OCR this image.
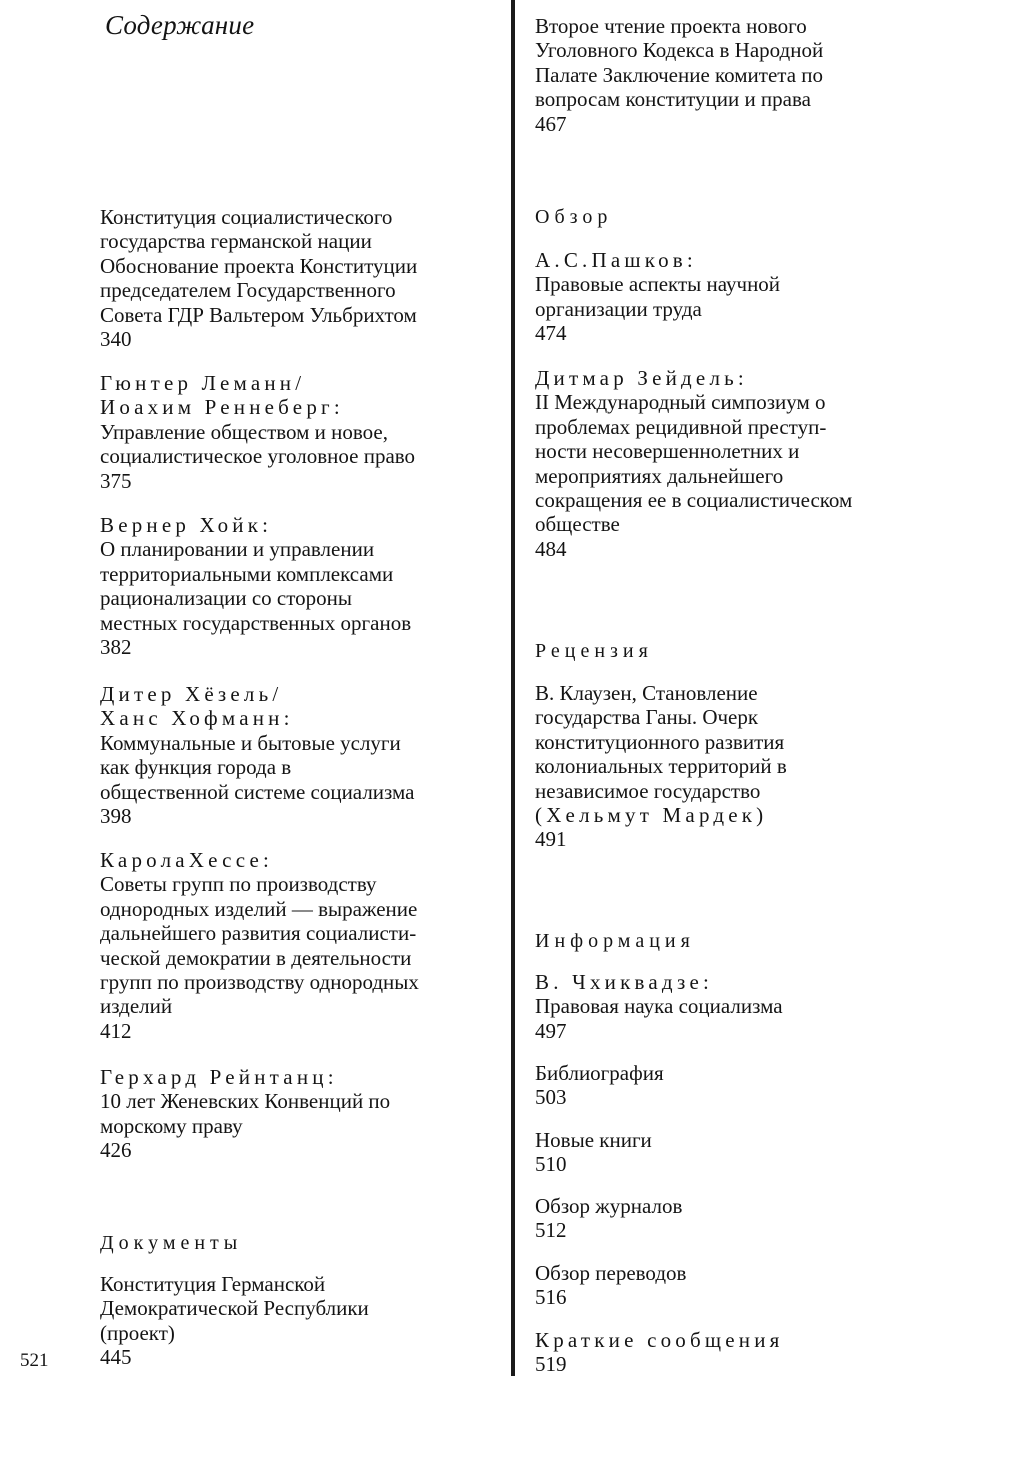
Содержание
Конституция социалистического
государства германской нации
Обоснование проекта Конституции
председателем Государственного
Совета ГДР Вальтером Ульбрихтом
340
Гюнтер Леманн/
Иоахим Реннеберг:
Управление обществом и новое,
социалистическое уголовное право
375
Вернер Хойк:
О планировании и управлении
территориальными комплексами
рационализации со стороны
местных государственных органов
382
Дитер Хёзель/
Ханс Хофманн:
Коммунальные и бытовые услуги
как функция города в
общественной системе социализма
398
КаролаХессе:
Советы групп по производству
однородных изделий — выражение
дальнейшего развития социалисти-
ческой демократии в деятельности
групп по производству однородных
изделий
412
Герхард Рейнтанц:
10 лет Женевских Конвенций по
морскому праву
426
Документы
Конституция Германской
Демократической Республики
(проект)
445
521
Второе чтение проекта нового
Уголовного Кодекса в Народной
Палате Заключение комитета по
вопросам конституции и права
467
Обзор
А.С.Пашков:
Правовые аспекты научной
организации труда
474
Дитмар Зейдель:
II Международный симпозиум о
проблемах рецидивной преступ-
ности несовершеннолетних и
мероприятиях дальнейшего
сокращения ее в социалистическом
обществе
484
Рецензия
В. Клаузен, Становление
государства Ганы. Очерк
конституционного развития
колониальных территорий в
независимое государство
(Хельмут Мардек)
491
Информация
В. Чхиквадзе:
Правовая наука социализма
497
Библиография
503
Новые книги
510
Обзор журналов
512
Обзор переводов
516
Краткие сообщения
519
